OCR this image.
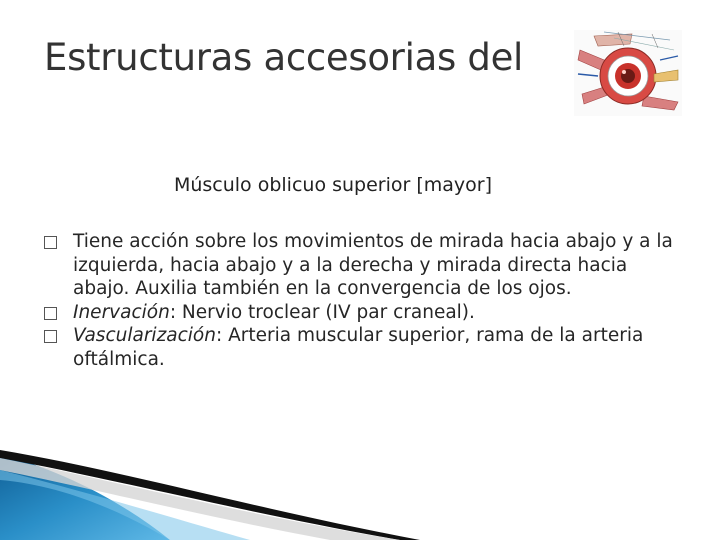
Estructuras accesorias del
Músculo oblicuo superior [mayor]
Tiene acción sobre los movimientos de mirada hacia abajo y a la izquierda, hacia abajo y a la derecha y mirada directa hacia abajo. Auxilia también en la convergencia de los ojos.
Inervación: Nervio troclear (IV par craneal).
Vascularización: Arteria muscular superior, rama de la arteria oftálmica.
